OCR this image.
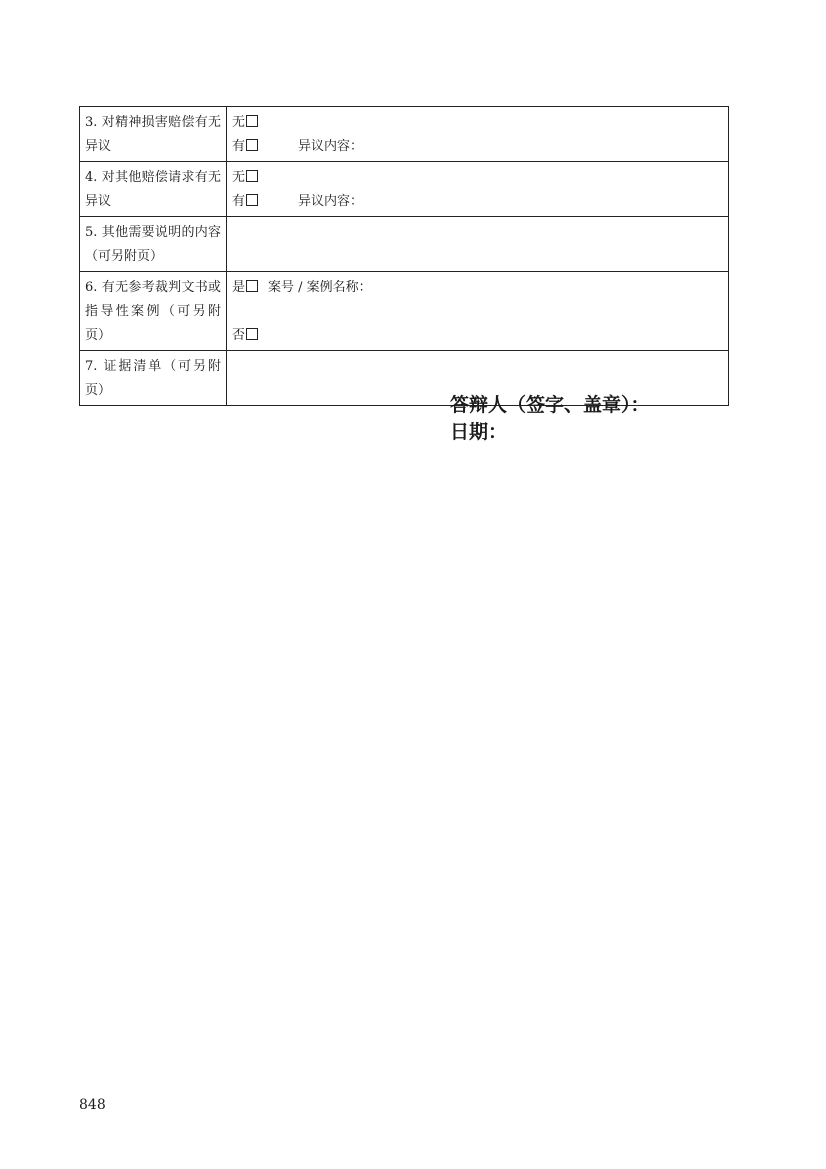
3. 对精神损害赔偿有无异议	无
有 异议内容：

4. 对其他赔偿请求有无异议	无
有 异议内容：

5. 其他需要说明的内容（可另附页）	

6. 有无参考裁判文书或指导性案例（可另附页）	是 案号 / 案例名称：
否

7. 证据清单（可另附页）	

答辩人（签字、盖章）：
日期：
848
